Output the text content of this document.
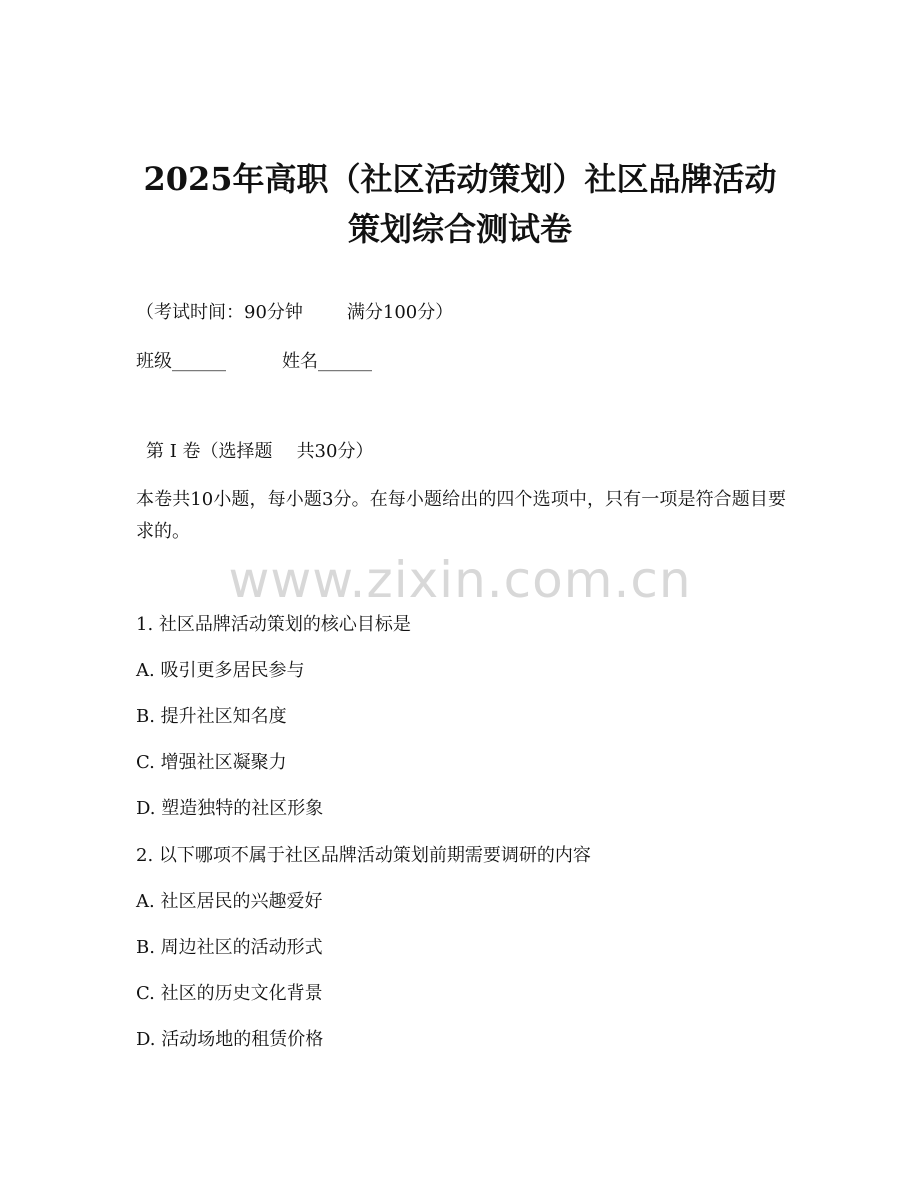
2025年高职（社区活动策划）社区品牌活动
策划综合测试卷
（考试时间：90分钟 满分100分）
班级______	姓名______
第 Ⅰ 卷（选择题 共30分）
本卷共10小题，每小题3分。在每小题给出的四个选项中，只有一项是符合题目要求的。
www.zixin.com.cn
1. 社区品牌活动策划的核心目标是
A. 吸引更多居民参与
B. 提升社区知名度
C. 增强社区凝聚力
D. 塑造独特的社区形象
2. 以下哪项不属于社区品牌活动策划前期需要调研的内容
A. 社区居民的兴趣爱好
B. 周边社区的活动形式
C. 社区的历史文化背景
D. 活动场地的租赁价格
